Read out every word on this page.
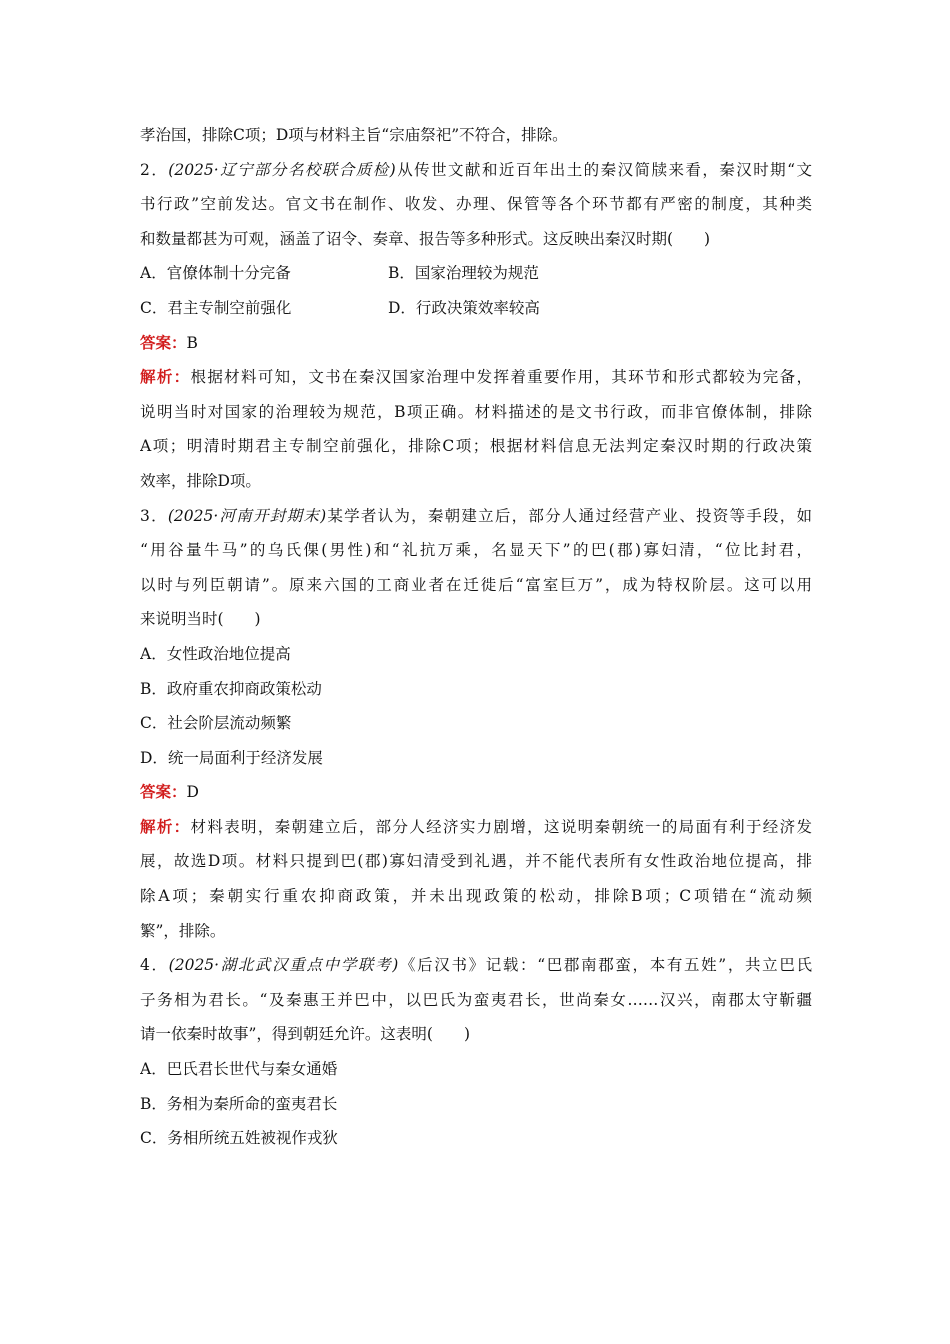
孝治国，排除C项；D项与材料主旨“宗庙祭祀”不符合，排除。
2．(2025·辽宁部分名校联合质检)从传世文献和近百年出土的秦汉简牍来看，秦汉时期“文
书行政”空前发达。官文书在制作、收发、办理、保管等各个环节都有严密的制度，其种类
和数量都甚为可观，涵盖了诏令、奏章、报告等多种形式。这反映出秦汉时期(　　)
A．官僚体制十分完备	B．国家治理较为规范
C．君主专制空前强化	D．行政决策效率较高
答案：B
解析：根据材料可知，文书在秦汉国家治理中发挥着重要作用，其环节和形式都较为完备，
说明当时对国家的治理较为规范，B项正确。材料描述的是文书行政，而非官僚体制，排除
A项；明清时期君主专制空前强化，排除C项；根据材料信息无法判定秦汉时期的行政决策
效率，排除D项。
3．(2025·河南开封期末)某学者认为，秦朝建立后，部分人通过经营产业、投资等手段，如
“用谷量牛马”的乌氏倮(男性)和“礼抗万乘，名显天下”的巴(郡)寡妇清，“位比封君，
以时与列臣朝请”。原来六国的工商业者在迁徙后“富室巨万”，成为特权阶层。这可以用
来说明当时(　　)
A．女性政治地位提高
B．政府重农抑商政策松动
C．社会阶层流动频繁
D．统一局面利于经济发展
答案：D
解析：材料表明，秦朝建立后，部分人经济实力剧增，这说明秦朝统一的局面有利于经济发
展，故选D项。材料只提到巴(郡)寡妇清受到礼遇，并不能代表所有女性政治地位提高，排
除A项；秦朝实行重农抑商政策，并未出现政策的松动，排除B项；C项错在“流动频
繁”，排除。
4．(2025·湖北武汉重点中学联考)《后汉书》记载：“巴郡南郡蛮，本有五姓”，共立巴氏
子务相为君长。“及秦惠王并巴中，以巴氏为蛮夷君长，世尚秦女……汉兴，南郡太守靳疆
请一依秦时故事”，得到朝廷允许。这表明(　　)
A．巴氏君长世代与秦女通婚
B．务相为秦所命的蛮夷君长
C．务相所统五姓被视作戎狄
